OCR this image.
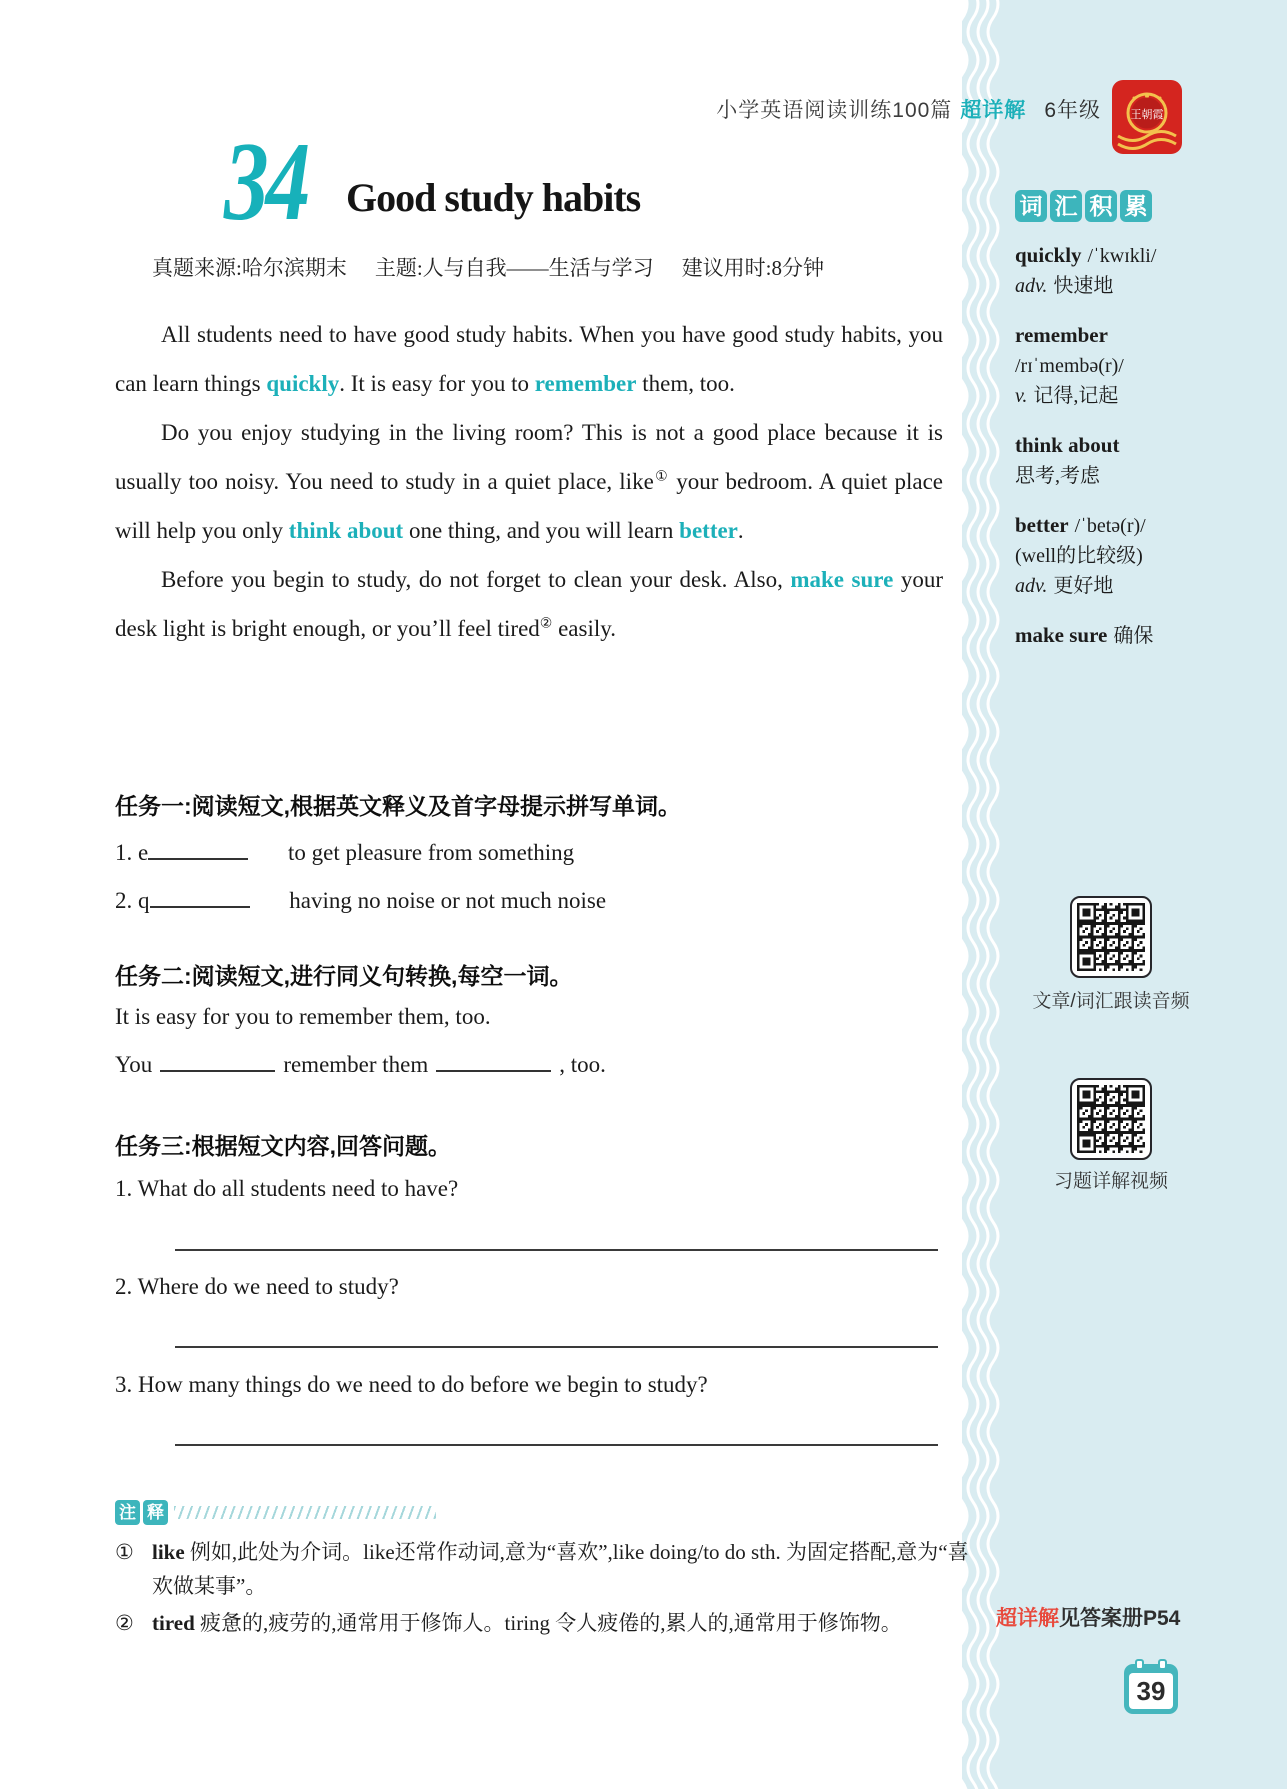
小学英语阅读训练100篇 超详解 6年级	王朝霞
34 Good study habits
真题来源:哈尔滨期末 主题:人与自我——生活与学习 建议用时:8分钟

All students need to have good study habits. When you have good study habits, you can learn things quickly. It is easy for you to remember them, too.

Do you enjoy studying in the living room? This is not a good place because it is usually too noisy. You need to study in a quiet place, like① your bedroom. A quiet place will help you only think about one thing, and you will learn better.

Before you begin to study, do not forget to clean your desk. Also, make sure your desk light is bright enough, or you’ll feel tired② easily.

任务一:阅读短文,根据英文释义及首字母提示拼写单词。
1. e	to get pleasure from something
2. q	having no noise or not much noise
任务二:阅读短文,进行同义句转换,每空一词。
It is easy for you to remember them, too.
You	remember them	, too.
任务三:根据短文内容,回答问题。
1. What do all students need to have?
2. Where do we need to study?
3. How many things do we need to do before we begin to study?
注 释
① like 例如,此处为介词。like还常作动词,意为“喜欢”,like doing/to do sth. 为固定搭配,意为“喜欢做某事”。
② tired 疲惫的,疲劳的,通常用于修饰人。tiring 令人疲倦的,累人的,通常用于修饰物。
词 汇 积 累
quickly /ˈkwɪkli/
adv. 快速地
remember
/rɪˈmembə(r)/
v. 记得,记起
think about
思考,考虑
better /ˈbetə(r)/
(well的比较级)
adv. 更好地
make sure 确保
文章/词汇跟读音频
习题详解视频
超详解见答案册P54
39
